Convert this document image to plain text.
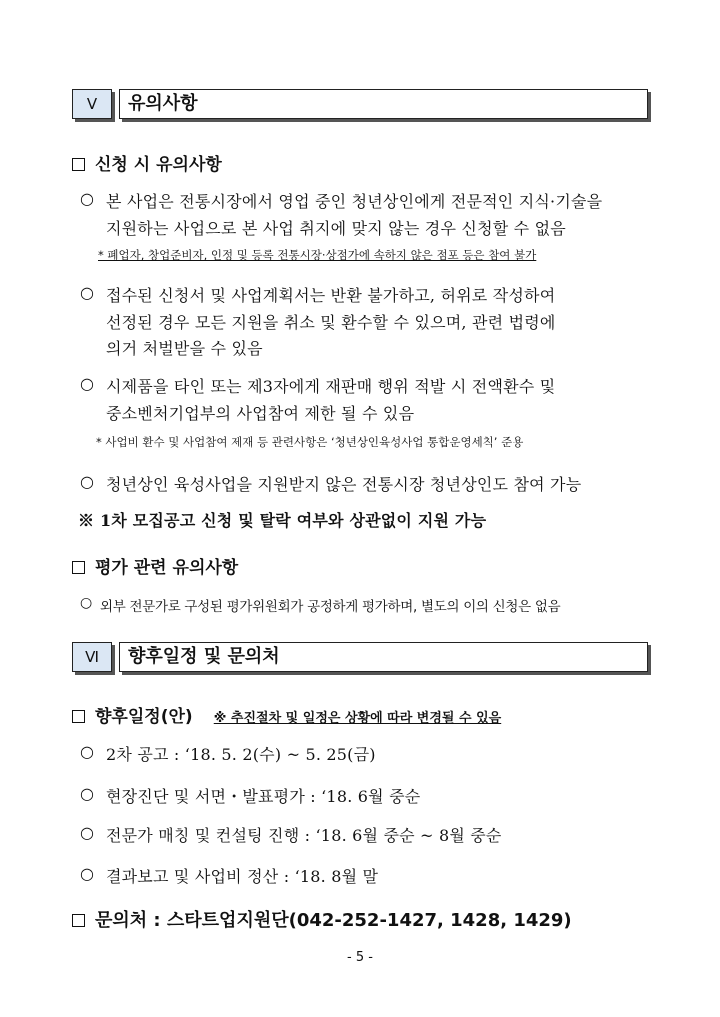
Ⅴ	유의사항
신청 시 유의사항
○ 본 사업은 전통시장에서 영업 중인 청년상인에게 전문적인 지식·기술을
지원하는 사업으로 본 사업 취지에 맞지 않는 경우 신청할 수 없음
* 폐업자, 창업준비자, 인정 및 등록 전통시장·상점가에 속하지 않은 점포 등은 참여 불가
○ 접수된 신청서 및 사업계획서는 반환 불가하고, 허위로 작성하여
선정된 경우 모든 지원을 취소 및 환수할 수 있으며, 관련 법령에
의거 처벌받을 수 있음
○ 시제품을 타인 또는 제3자에게 재판매 행위 적발 시 전액환수 및
중소벤처기업부의 사업참여 제한 될 수 있음
* 사업비 환수 및 사업참여 제재 등 관련사항은 ‘청년상인육성사업 통합운영세칙’ 준용
○ 청년상인 육성사업을 지원받지 않은 전통시장 청년상인도 참여 가능
※ 1차 모집공고 신청 및 탈락 여부와 상관없이 지원 가능
평가 관련 유의사항
○ 외부 전문가로 구성된 평가위원회가 공정하게 평가하며, 별도의 이의 신청은 없음
Ⅵ	향후일정 및 문의처
향후일정(안) ※ 추진절차 및 일정은 상황에 따라 변경될 수 있음
○ 2차 공고 : ‘18. 5. 2(수) ~ 5. 25(금)
○ 현장진단 및 서면・발표평가 : ‘18. 6월 중순
○ 전문가 매칭 및 컨설팅 진행 : ‘18. 6월 중순 ~ 8월 중순
○ 결과보고 및 사업비 정산 : ‘18. 8월 말
문의처 : 스타트업지원단(042-252-1427, 1428, 1429)
- 5 -
